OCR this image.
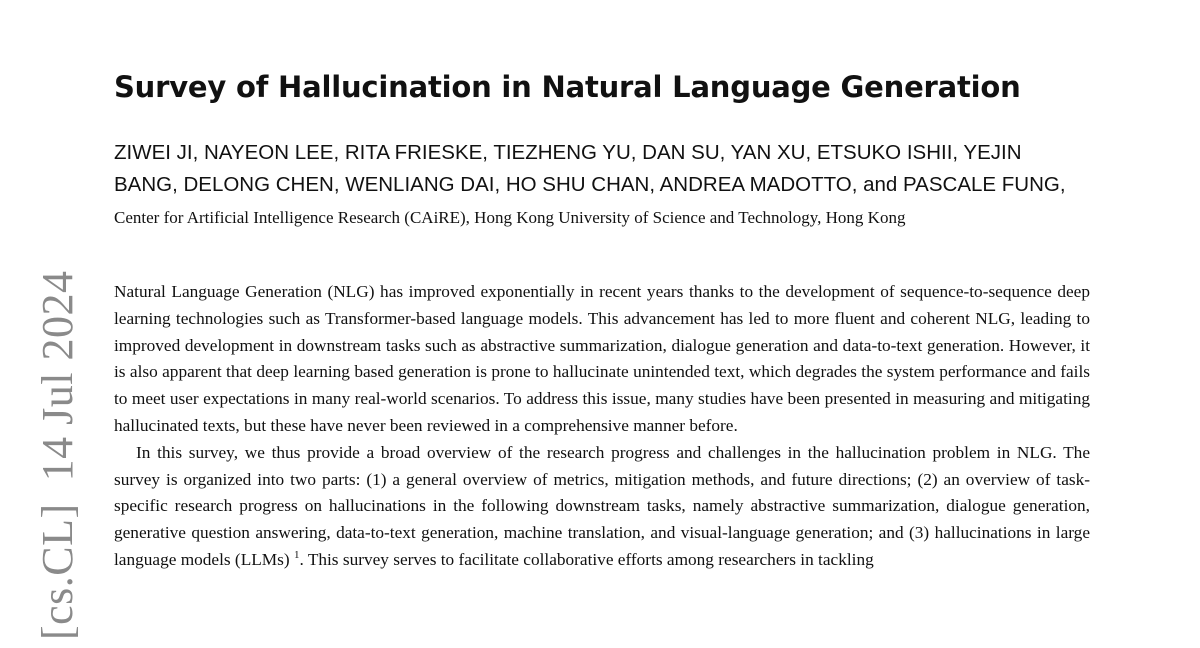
[cs.CL]14 Jul 2024
Survey of Hallucination in Natural Language Generation
ZIWEI JI, NAYEON LEE, RITA FRIESKE, TIEZHENG YU, DAN SU, YAN XU, ETSUKO ISHII, YEJIN BANG, DELONG CHEN, WENLIANG DAI, HO SHU CHAN, ANDREA MADOTTO, and PASCALE FUNG, Center for Artificial Intelligence Research (CAiRE), Hong Kong University of Science and Technology, Hong Kong

Natural Language Generation (NLG) has improved exponentially in recent years thanks to the development of sequence-to-sequence deep learning technologies such as Transformer-based language models. This advancement has led to more fluent and coherent NLG, leading to improved development in downstream tasks such as abstractive summarization, dialogue generation and data-to-text generation. However, it is also apparent that deep learning based generation is prone to hallucinate unintended text, which degrades the system performance and fails to meet user expectations in many real-world scenarios. To address this issue, many studies have been presented in measuring and mitigating hallucinated texts, but these have never been reviewed in a comprehensive manner before.

In this survey, we thus provide a broad overview of the research progress and challenges in the hallucination problem in NLG. The survey is organized into two parts: (1) a general overview of metrics, mitigation methods, and future directions; (2) an overview of task-specific research progress on hallucinations in the following downstream tasks, namely abstractive summarization, dialogue generation, generative question answering, data-to-text generation, machine translation, and visual-language generation; and (3) hallucinations in large language models (LLMs) $^1$. This survey serves to facilitate collaborative efforts among researchers in tackling
